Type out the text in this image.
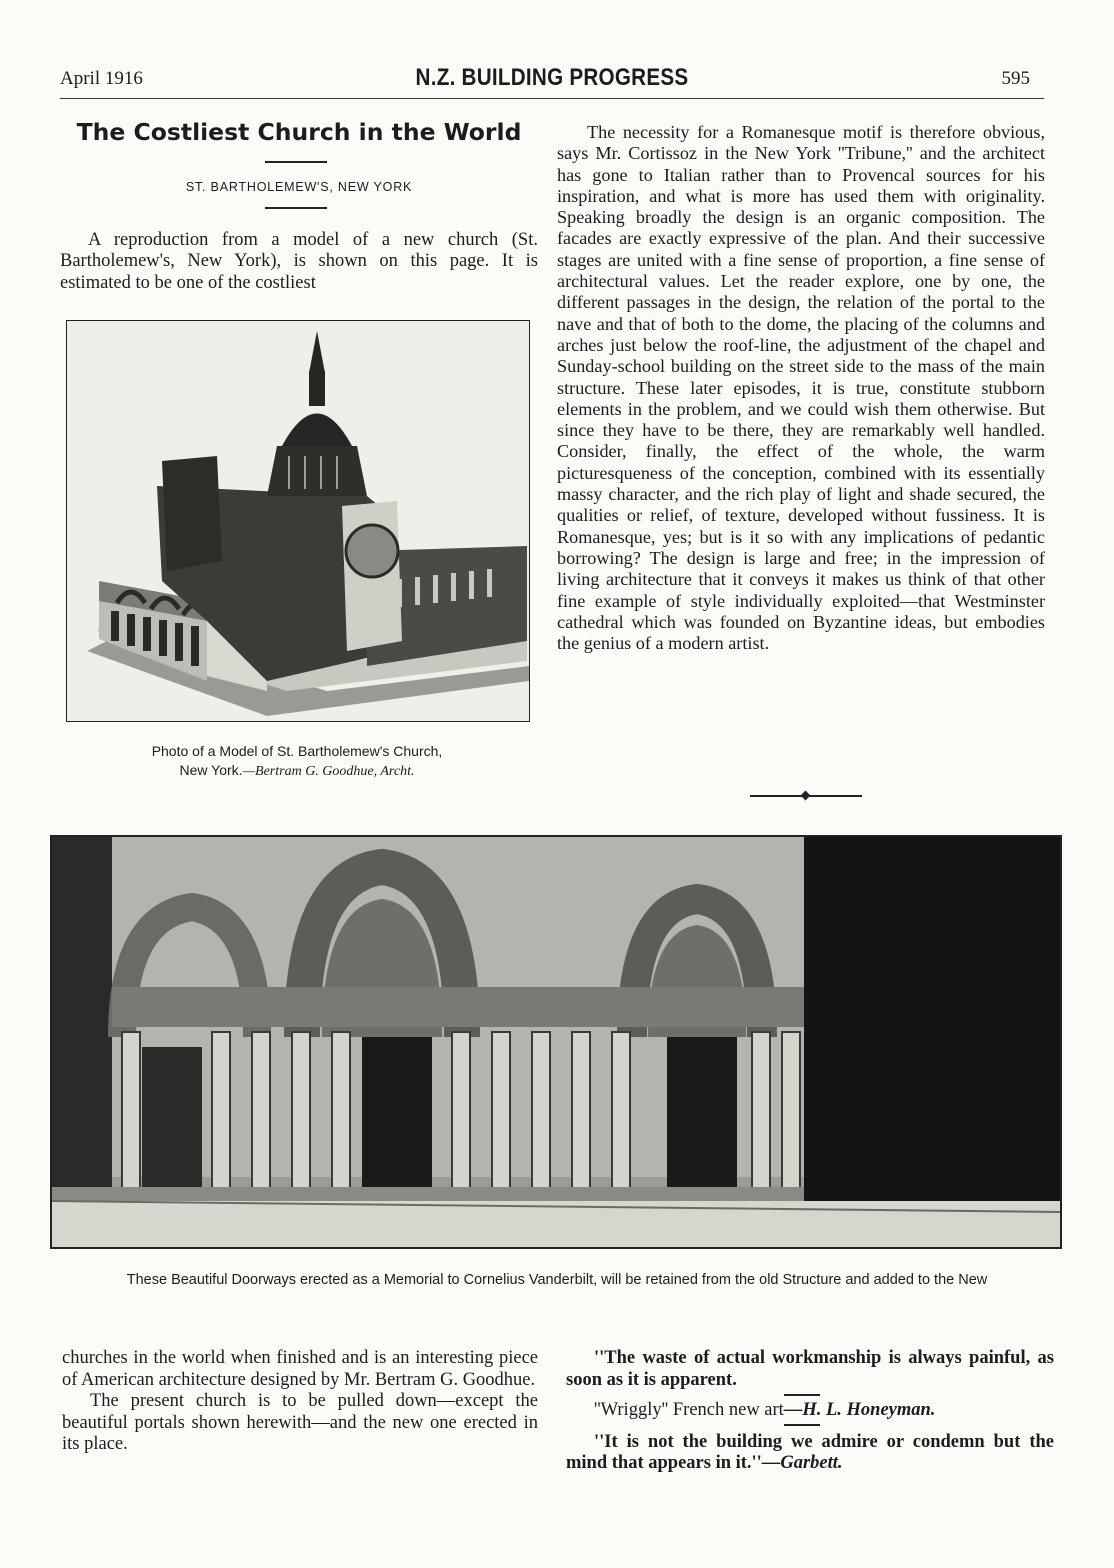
April 1916	N.Z. BUILDING PROGRESS	595
The Costliest Church in the World
ST. BARTHOLEMEW'S, NEW YORK
A reproduction from a model of a new church (St. Bartholemew's, New York), is shown on this page. It is estimated to be one of the costliest
Photo of a Model of St. Bartholemew's Church,
New York.—Bertram G. Goodhue, Archt.
The necessity for a Romanesque motif is therefore obvious, says Mr. Cortissoz in the New York ''Tribune,'' and the architect has gone to Italian rather than to Provencal sources for his inspiration, and what is more has used them with originality. Speaking broadly the design is an organic composition. The facades are exactly expressive of the plan. And their successive stages are united with a fine sense of proportion, a fine sense of architectural values. Let the reader explore, one by one, the different passages in the design, the relation of the portal to the nave and that of both to the dome, the placing of the columns and arches just below the roof-line, the adjustment of the chapel and Sunday-school building on the street side to the mass of the main structure. These later episodes, it is true, constitute stubborn elements in the problem, and we could wish them otherwise. But since they have to be there, they are remarkably well handled. Consider, finally, the effect of the whole, the warm picturesqueness of the conception, combined with its essentially massy character, and the rich play of light and shade secured, the qualities or relief, of texture, developed without fussiness. It is Romanesque, yes; but is it so with any implications of pedantic borrowing? The design is large and free; in the impression of living architecture that it conveys it makes us think of that other fine example of style individually exploited—that Westminster cathedral which was founded on Byzantine ideas, but embodies the genius of a modern artist.
These Beautiful Doorways erected as a Memorial to Cornelius Vanderbilt, will be retained from the old Structure and added to the New
churches in the world when finished and is an interesting piece of American architecture designed by Mr. Bertram G. Goodhue.
The present church is to be pulled down—except the beautiful portals shown herewith—and the new one erected in its place.
''The waste of actual workmanship is always painful, as soon as it is apparent.
''Wriggly'' French new art—H. L. Honeyman.
''It is not the building we admire or condemn but the mind that appears in it.''—Garbett.
